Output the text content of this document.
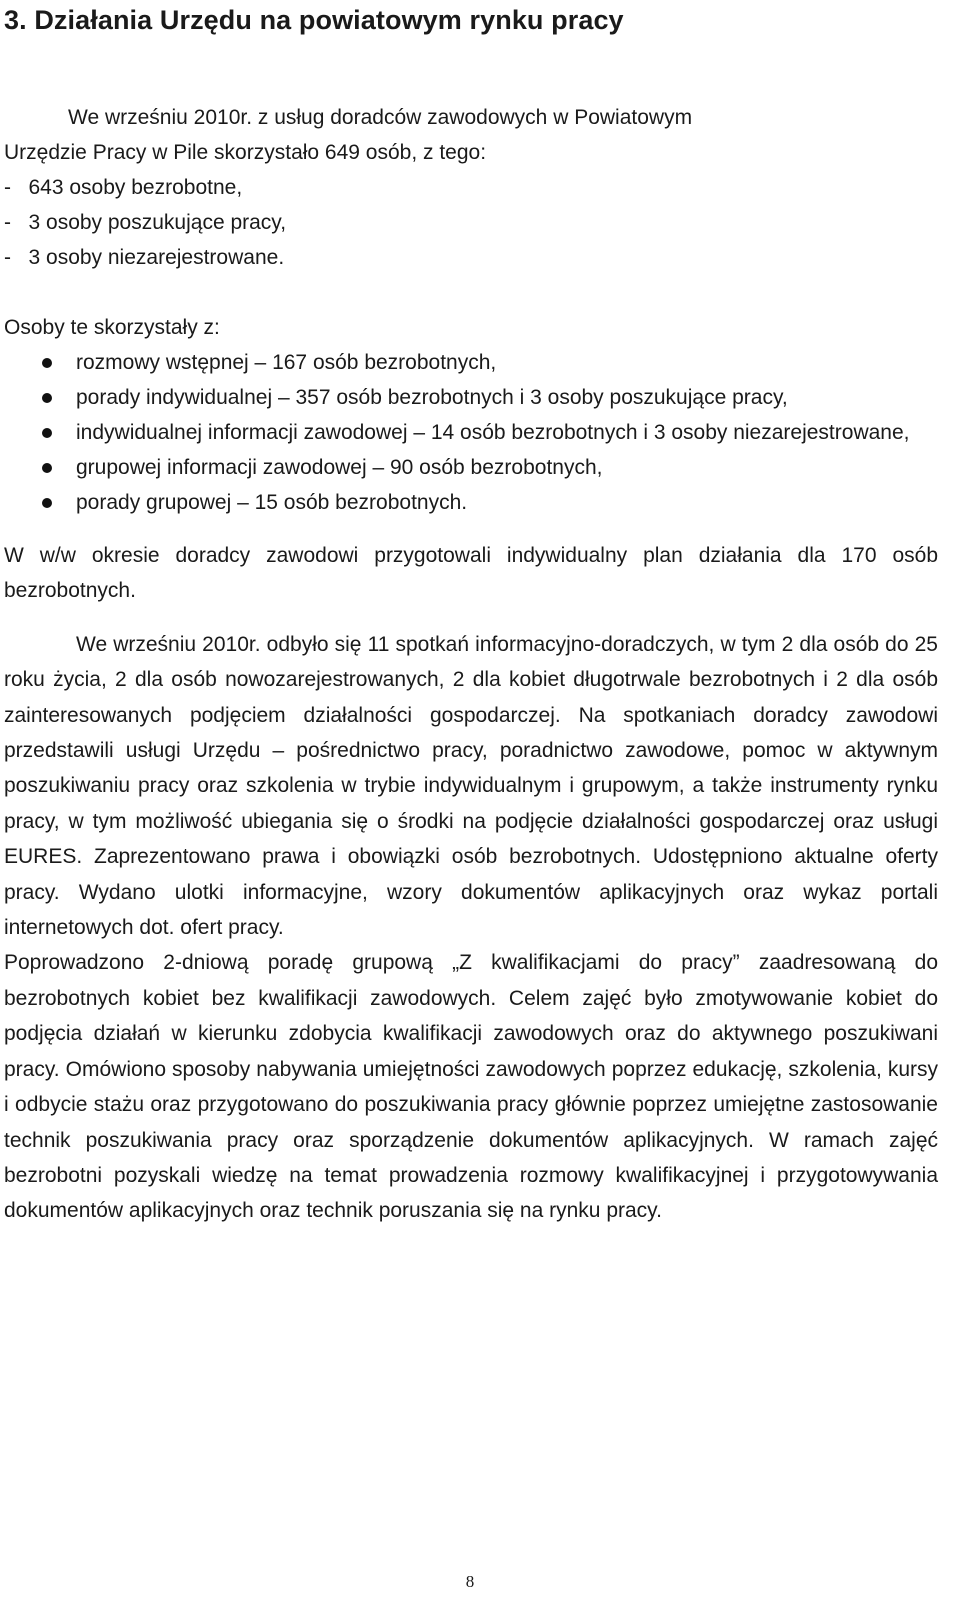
3. Działania Urzędu na powiatowym rynku pracy
We wrześniu 2010r. z usług doradców zawodowych w Powiatowym
Urzędzie Pracy w Pile skorzystało 649 osób, z tego:
-   643 osoby bezrobotne,
-   3 osoby poszukujące pracy,
-   3 osoby niezarejestrowane.
Osoby te skorzystały z:
rozmowy wstępnej – 167 osób bezrobotnych,
porady indywidualnej – 357 osób bezrobotnych i 3 osoby poszukujące pracy,
indywidualnej informacji zawodowej – 14 osób bezrobotnych i 3 osoby niezarejestrowane,
grupowej informacji zawodowej – 90 osób bezrobotnych,
porady grupowej – 15 osób bezrobotnych.

W w/w okresie doradcy zawodowi przygotowali indywidualny plan działania dla 170 osób bezrobotnych.

We wrześniu 2010r. odbyło się 11 spotkań informacyjno-doradczych, w tym 2 dla osób do 25 roku życia, 2 dla osób nowozarejestrowanych, 2 dla kobiet długotrwale bezrobotnych i 2 dla osób zainteresowanych podjęciem działalności gospodarczej. Na spotkaniach doradcy zawodowi przedstawili usługi Urzędu – pośrednictwo pracy, poradnictwo zawodowe, pomoc w aktywnym poszukiwaniu pracy oraz szkolenia w trybie indywidualnym i grupowym, a także instrumenty rynku pracy, w tym możliwość ubiegania się o środki na podjęcie działalności gospodarczej oraz usługi EURES. Zaprezentowano prawa i obowiązki osób bezrobotnych. Udostępniono aktualne oferty pracy. Wydano ulotki informacyjne, wzory dokumentów aplikacyjnych oraz wykaz portali internetowych dot. ofert pracy.

Poprowadzono 2-dniową poradę grupową „Z kwalifikacjami do pracy” zaadresowaną do bezrobotnych kobiet bez kwalifikacji zawodowych. Celem zajęć było zmotywowanie kobiet do podjęcia działań w kierunku zdobycia kwalifikacji zawodowych oraz do aktywnego poszukiwani pracy. Omówiono sposoby nabywania umiejętności zawodowych poprzez edukację, szkolenia, kursy i odbycie stażu oraz przygotowano do poszukiwania pracy głównie poprzez umiejętne zastosowanie technik poszukiwania pracy oraz sporządzenie dokumentów aplikacyjnych. W ramach zajęć bezrobotni pozyskali wiedzę na temat prowadzenia rozmowy kwalifikacyjnej i przygotowywania dokumentów aplikacyjnych oraz technik poruszania się na rynku pracy.

8
